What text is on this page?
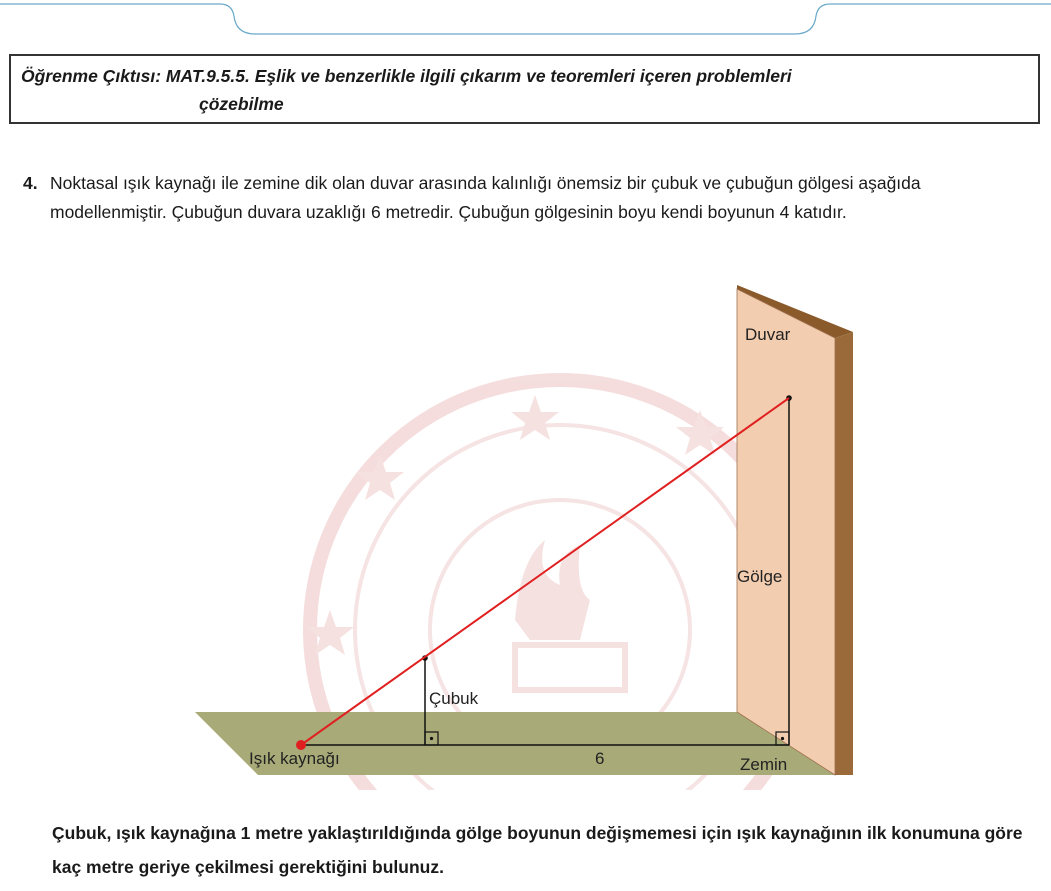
Öğrenme Çıktısı: MAT.9.5.5. Eşlik ve benzerlikle ilgili çıkarım ve teoremleri içeren problemleri
çözebilme
4. Noktasal ışık kaynağı ile zemine dik olan duvar arasında kalınlığı önemsiz bir çubuk ve çubuğun gölgesi aşağıda modellenmiştir. Çubuğun duvara uzaklığı 6 metredir. Çubuğun gölgesinin boyu kendi boyunun 4 katıdır.
Duvar
Gölge
Çubuk
Işık kaynağı	6	Zemin
Çubuk, ışık kaynağına 1 metre yaklaştırıldığında gölge boyunun değişmemesi için ışık kaynağının ilk konumuna göre kaç metre geriye çekilmesi gerektiğini bulunuz.
